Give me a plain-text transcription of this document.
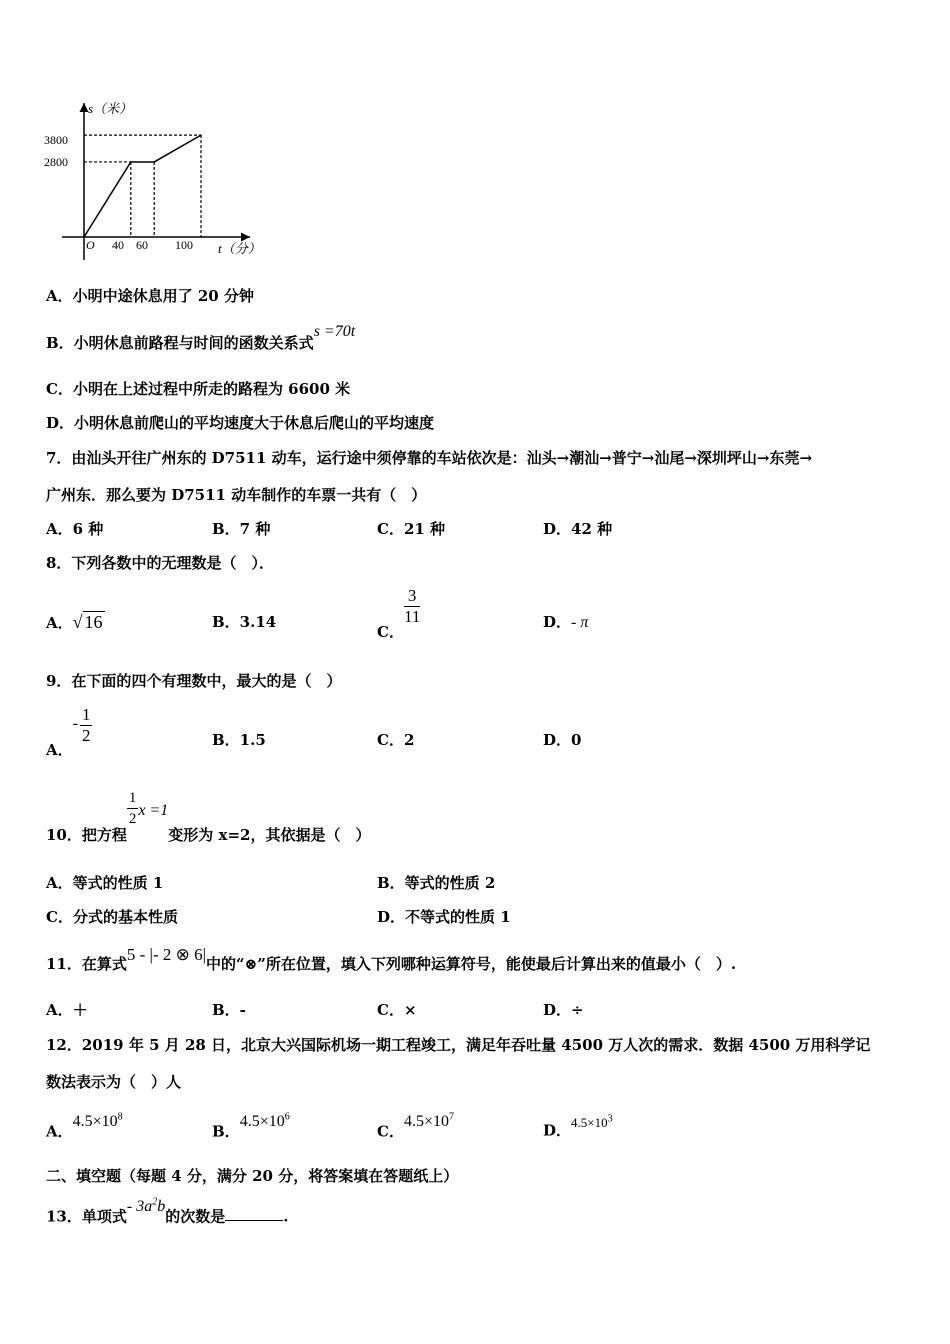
s（米）
t（分）
O
3800
2800
40 60 100
A．小明中途休息用了 20 分钟
B．小明休息前路程与时间的函数关系式s =70t
C．小明在上述过程中所走的路程为 6600 米
D．小明休息前爬山的平均速度大于休息后爬山的平均速度
7．由汕头开往广州东的 D7511 动车，运行途中须停靠的车站依次是：汕头→潮汕→普宁→汕尾→深圳坪山→东莞→
广州东．那么要为 D7511 动车制作的车票一共有（　）
A．6 种	B．7 种	C．21 种	D．42 种
8．下列各数中的无理数是（　）．
A．√ 16	B．3.14
C．
$\frac{3}{11}$	D．- π
9．在下面的四个有理数中，最大的是（　）
A．- $\frac{1}{2}$	B．1.5	C．2	D．0
10．把方程
$\frac{1}{2}$ x =1变形为 x=2，其依据是（　）
A．等式的性质 1	B．等式的性质 2
C．分式的基本性质	D．不等式的性质 1
11．在算式5 - |- 2 ⊗ 6|中的“⊗”所在位置，填入下列哪种运算符号，能使最后计算出来的值最小（　）.
A．＋	B．-	C．×	D．÷
12．2019 年 5 月 28 日，北京大兴国际机场一期工程竣工，满足年吞吐量 4500 万人次的需求．数据 4500 万用科学记
数法表示为（　）人
A．$4.5\times 10^8$
B．$4.5\times 10^6$
C．$4.5\times 10^7$
D．$4.5\times 10^3$
二、填空题（每题 4 分，满分 20 分，将答案填在答题纸上）
13．单项式- $3a^2b$的次数是	.
